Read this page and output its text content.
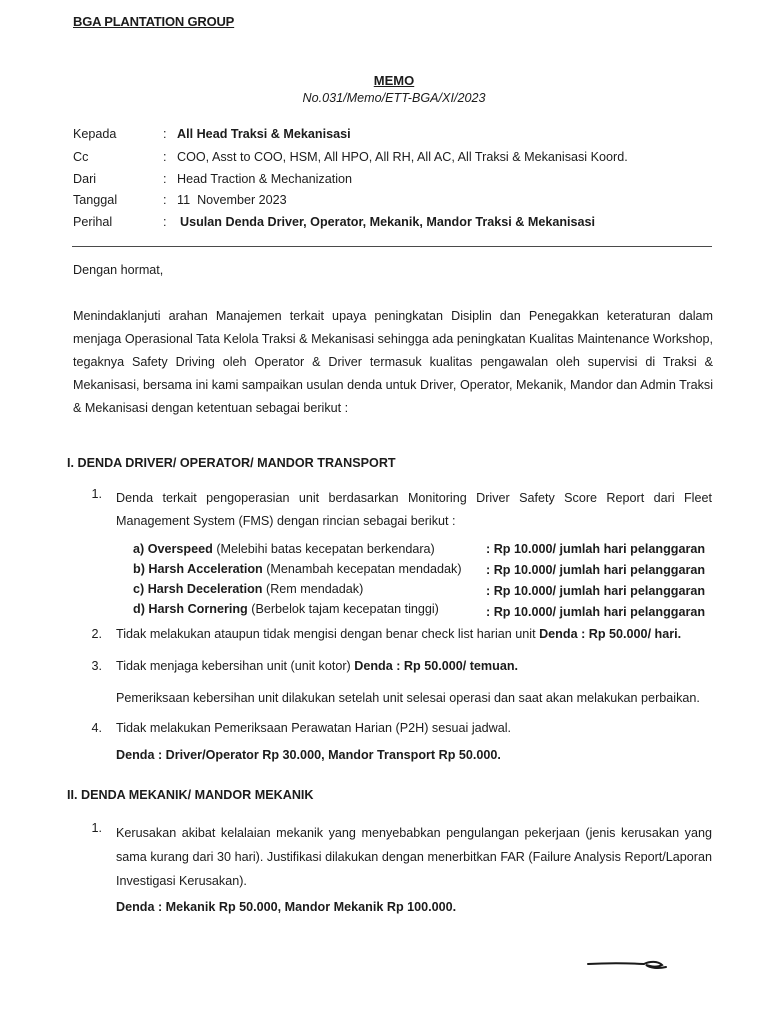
BGA PLANTATION GROUP
MEMO
No.031/Memo/ETT-BGA/XI/2023
Kepada	: All Head Traksi & Mekanisasi
Cc	: COO, Asst to COO, HSM, All HPO, All RH, All AC, All Traksi & Mekanisasi Koord.
Dari	: Head Traction & Mechanization
Tanggal	: 11  November 2023
Perihal	: Usulan Denda Driver, Operator, Mekanik, Mandor Traksi & Mekanisasi
Dengan hormat,
Menindaklanjuti arahan Manajemen terkait upaya peningkatan Disiplin dan Penegakkan keteraturan dalam menjaga Operasional Tata Kelola Traksi & Mekanisasi sehingga ada peningkatan Kualitas Maintenance Workshop, tegaknya Safety Driving oleh Operator & Driver termasuk kualitas pengawalan oleh supervisi di Traksi & Mekanisasi, bersama ini kami sampaikan usulan denda untuk Driver, Operator, Mekanik, Mandor dan Admin Traksi & Mekanisasi dengan ketentuan sebagai berikut :
I. DENDA DRIVER/ OPERATOR/ MANDOR TRANSPORT
1. Denda terkait pengoperasian unit berdasarkan Monitoring Driver Safety Score Report dari Fleet Management System (FMS) dengan rincian sebagai berikut :
a) Overspeed (Melebihi batas kecepatan berkendara)	: Rp 10.000/ jumlah hari pelanggaran
b) Harsh Acceleration (Menambah kecepatan mendadak) : Rp 10.000/ jumlah hari pelanggaran
c) Harsh Deceleration (Rem mendadak)	: Rp 10.000/ jumlah hari pelanggaran
d) Harsh Cornering (Berbelok tajam kecepatan tinggi)	: Rp 10.000/ jumlah hari pelanggaran
2. Tidak melakukan ataupun tidak mengisi dengan benar check list harian unit Denda : Rp 50.000/ hari.
3. Tidak menjaga kebersihan unit (unit kotor) Denda : Rp 50.000/ temuan.
Pemeriksaan kebersihan unit dilakukan setelah unit selesai operasi dan saat akan melakukan perbaikan.
4. Tidak melakukan Pemeriksaan Perawatan Harian (P2H) sesuai jadwal.
Denda : Driver/Operator Rp 30.000, Mandor Transport Rp 50.000.
II. DENDA MEKANIK/ MANDOR MEKANIK
1. Kerusakan akibat kelalaian mekanik yang menyebabkan pengulangan pekerjaan (jenis kerusakan yang sama kurang dari 30 hari). Justifikasi dilakukan dengan menerbitkan FAR (Failure Analysis Report/Laporan Investigasi Kerusakan).
Denda : Mekanik Rp 50.000, Mandor Mekanik Rp 100.000.
